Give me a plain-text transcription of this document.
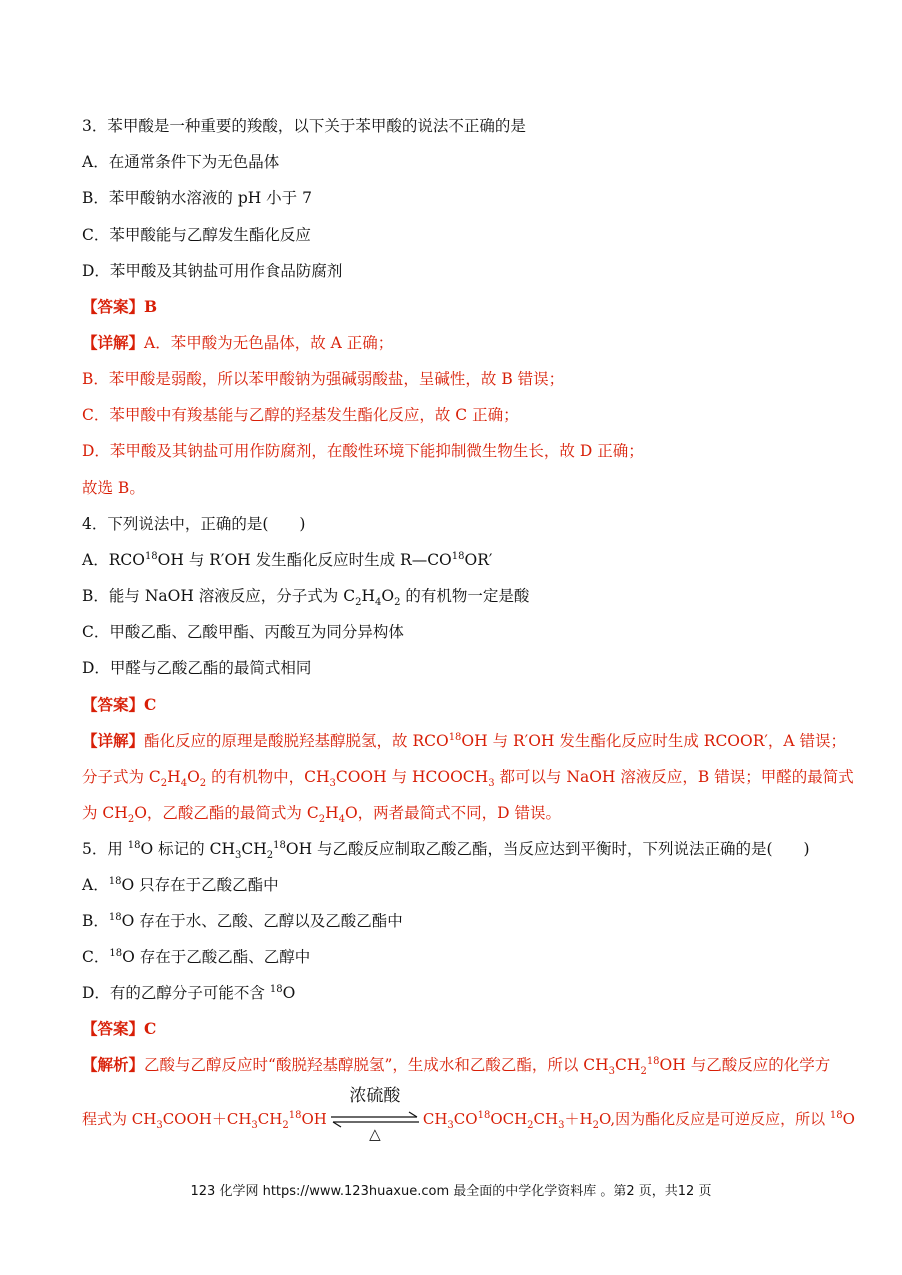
3．苯甲酸是一种重要的羧酸，以下关于苯甲酸的说法不正确的是
A．在通常条件下为无色晶体
B．苯甲酸钠水溶液的 pH 小于 7
C．苯甲酸能与乙醇发生酯化反应
D．苯甲酸及其钠盐可用作食品防腐剂
【答案】B
【详解】A．苯甲酸为无色晶体，故 A 正确；
B．苯甲酸是弱酸，所以苯甲酸钠为强碱弱酸盐，呈碱性，故 B 错误；
C．苯甲酸中有羧基能与乙醇的羟基发生酯化反应，故 C 正确；
D．苯甲酸及其钠盐可用作防腐剂，在酸性环境下能抑制微生物生长，故 D 正确；
故选 B。
4．下列说法中，正确的是(　　)
A．RCO$^{18}$OH 与 R′OH 发生酯化反应时生成 R—CO$^{18}$OR′
B．能与 NaOH 溶液反应，分子式为 $C_2H_4O_2$ 的有机物一定是酸
C．甲酸乙酯、乙酸甲酯、丙酸互为同分异构体
D．甲醛与乙酸乙酯的最简式相同
【答案】C
【详解】酯化反应的原理是酸脱羟基醇脱氢，故 RCO$^{18}$OH 与 R′OH 发生酯化反应时生成 RCOOR′，A 错误；
分子式为 $C_2H_4O_2$ 的有机物中，$CH_3COOH$ 与 $HCOOCH_3$ 都可以与 NaOH 溶液反应，B 错误；甲醛的最简式
为 $CH_2O$，乙酸乙酯的最简式为 $C_2H_4O$，两者最简式不同，D 错误。
5．用 $^{18}$O 标记的 $CH_3CH_2^{18}OH$ 与乙酸反应制取乙酸乙酯，当反应达到平衡时，下列说法正确的是(　　)
A．$^{18}$O 只存在于乙酸乙酯中
B．$^{18}$O 存在于水、乙酸、乙醇以及乙酸乙酯中
C．$^{18}$O 存在于乙酸乙酯、乙醇中
D．有的乙醇分子可能不含 $^{18}$O
【答案】C
【解析】乙酸与乙醇反应时“酸脱羟基醇脱氢”，生成水和乙酸乙酯，所以 $CH_3CH_2^{18}OH$ 与乙酸反应的化学方
程式为 $CH_3COOH+CH_3CH_2^{18}OH$
浓硫酸
△
$CH_3CO^{18}OCH_2CH_3+H_2O$,因为酯化反应是可逆反应，所以 $^{18}$O
123 化学网 https://www.123huaxue.com 最全面的中学化学资料库 。第2 页，共12 页
